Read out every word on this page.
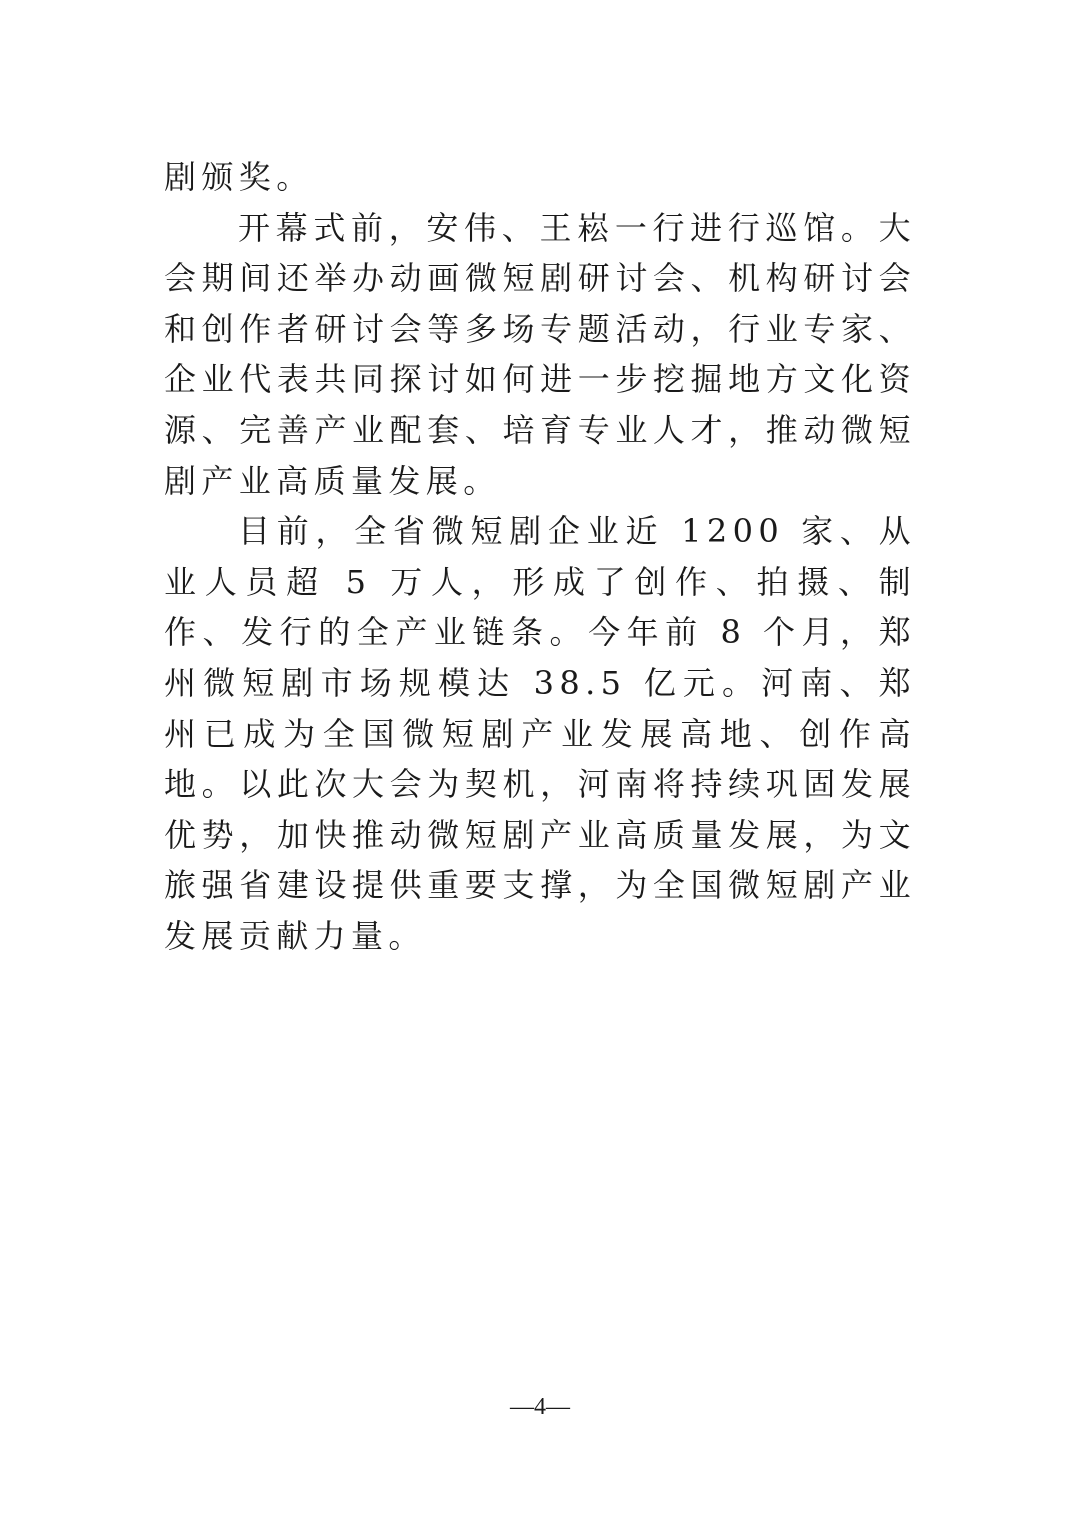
剧颁奖。

开幕式前，安伟、王崧一行进行巡馆。大会期间还举办动画微短剧研讨会、机构研讨会和创作者研讨会等多场专题活动，行业专家、企业代表共同探讨如何进一步挖掘地方文化资源、完善产业配套、培育专业人才，推动微短剧产业高质量发展。

目前，全省微短剧企业近 1200 家、从业人员超 5 万人，形成了创作、拍摄、制作、发行的全产业链条。今年前 8 个月，郑州微短剧市场规模达 38.5 亿元。河南、郑州已成为全国微短剧产业发展高地、创作高地。以此次大会为契机，河南将持续巩固发展优势，加快推动微短剧产业高质量发展，为文旅强省建设提供重要支撑，为全国微短剧产业发展贡献力量。

—4—
